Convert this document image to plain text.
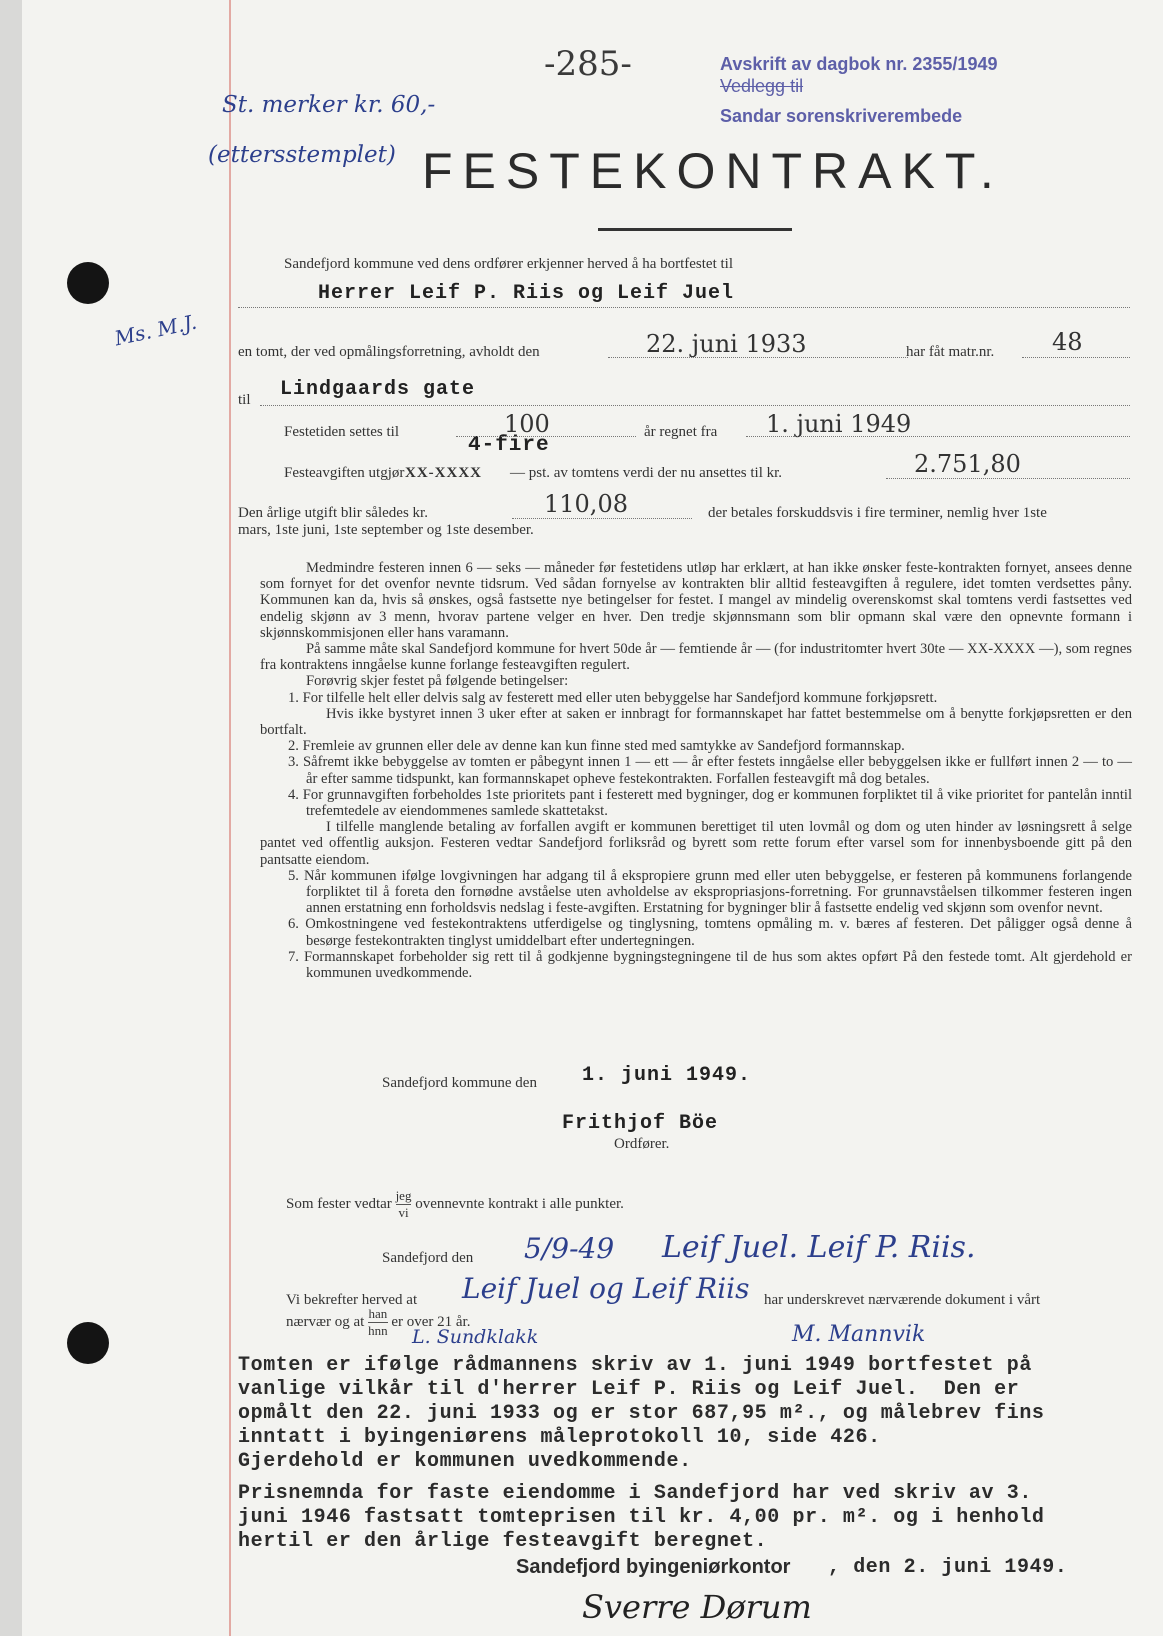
-285-	Avskrift av dagbok nr. 2355/1949
Vedlegg til
Sandar sorenskriverembede
St. merker kr. 60,-
(ettersstemplet)
Ms. M.J.
FESTEKONTRAKT.
Sandefjord kommune ved dens ordfører erkjenner herved å ha bortfestet til
Herrer Leif P. Riis og Leif Juel
en tomt, der ved opmålingsforretning, avholdt den	22. juni 1933	har fåt matr.nr. 48
til Lindgaards gate
Festetiden settes til	100
4-fire
år regnet fra 1. juni 1949
Festeavgiften utgjør XX-XXXX — pst. av tomtens verdi der nu ansettes til kr.	2.751,80
Den årlige utgift blir således kr.	110,08	der betales forskuddsvis i fire terminer, nemlig hver 1ste
mars, 1ste juni, 1ste september og 1ste desember.

Medmindre festeren innen 6 — seks — måneder før festetidens utløp har erklært, at han ikke ønsker feste-kontrakten fornyet, ansees denne som fornyet for det ovenfor nevnte tidsrum. Ved sådan fornyelse av kontrakten blir alltid festeavgiften å regulere, idet tomten verdsettes påny. Kommunen kan da, hvis så ønskes, også fastsette nye betingelser for festet. I mangel av mindelig overenskomst skal tomtens verdi fastsettes ved endelig skjønn av 3 menn, hvorav partene velger en hver. Den tredje skjønnsmann som blir opmann skal være den opnevnte formann i skjønnskommisjonen eller hans varamann.

På samme måte skal Sandefjord kommune for hvert 50de år — femtiende år — (for industritomter hvert 30te — XX-XXXX —), som regnes fra kontraktens inngåelse kunne forlange festeavgiften regulert.

Forøvrig skjer festet på følgende betingelser:

1. For tilfelle helt eller delvis salg av festerett med eller uten bebyggelse har Sandefjord kommune forkjøpsrett.

Hvis ikke bystyret innen 3 uker efter at saken er innbragt for formannskapet har fattet bestemmelse om å benytte forkjøpsretten er den bortfalt.

2. Fremleie av grunnen eller dele av denne kan kun finne sted med samtykke av Sandefjord formannskap.

3. Såfremt ikke bebyggelse av tomten er påbegynt innen 1 — ett — år efter festets inngåelse eller bebyggelsen ikke er fullført innen 2 — to — år efter samme tidspunkt, kan formannskapet opheve festekontrakten. Forfallen festeavgift må dog betales.

4. For grunnavgiften forbeholdes 1ste prioritets pant i festerett med bygninger, dog er kommunen forpliktet til å vike prioritet for pantelån inntil trefemtedele av eiendommenes samlede skattetakst.

I tilfelle manglende betaling av forfallen avgift er kommunen berettiget til uten lovmål og dom og uten hinder av løsningsrett å selge pantet ved offentlig auksjon. Festeren vedtar Sandefjord forliksråd og byrett som rette forum efter varsel som for innenbysboende gitt på den pantsatte eiendom.

5. Når kommunen ifølge lovgivningen har adgang til å ekspropiere grunn med eller uten bebyggelse, er festeren på kommunens forlangende forpliktet til å foreta den fornødne avståelse uten avholdelse av ekspropriasjons-forretning. For grunnavståelsen tilkommer festeren ingen annen erstatning enn forholdsvis nedslag i feste-avgiften. Erstatning for bygninger blir å fastsette endelig ved skjønn som ovenfor nevnt.

6. Omkostningene ved festekontraktens utferdigelse og tinglysning, tomtens opmåling m. v. bæres af festeren. Det påligger også denne å besørge festekontrakten tinglyst umiddelbart efter undertegningen.

7. Formannskapet forbeholder sig rett til å godkjenne bygningstegningene til de hus som aktes opført På den festede tomt. Alt gjerdehold er kommunen uvedkommende.

Sandefjord kommune den 1. juni 1949.
Frithjof Böe
Ordfører.
Som fester vedtar $\frac{\text{jeg}}{vi}$ ovennevnte kontrakt i alle punkter.
Sandefjord den 5/9-49 Leif Juel. Leif P. Riis.
Vi bekrefter herved at Leif Juel og Leif Riis har underskrevet nærværende dokument i vårt
nærvær og at $\frac{\text{han}}{\text{hnn}}$ er over 21 år.
L. Sundklakk	M. Mannvik
Tomten er ifølge rådmannens skriv av 1. juni 1949 bortfestet på
vanlige vilkår til d'herrer Leif P. Riis og Leif Juel.  Den er
opmålt den 22. juni 1933 og er stor 687,95 m²., og målebrev fins
inntatt i byingeniørens måleprotokoll 10, side 426.
Gjerdehold er kommunen uvedkommende.
Prisnemnda for faste eiendomme i Sandefjord har ved skriv av 3.
juni 1946 fastsatt tomteprisen til kr. 4,00 pr. m². og i henhold
hertil er den årlige festeavgift beregnet.
Sandefjord byingeniørkontor , den 2. juni 1949.
Sverre Dørum
